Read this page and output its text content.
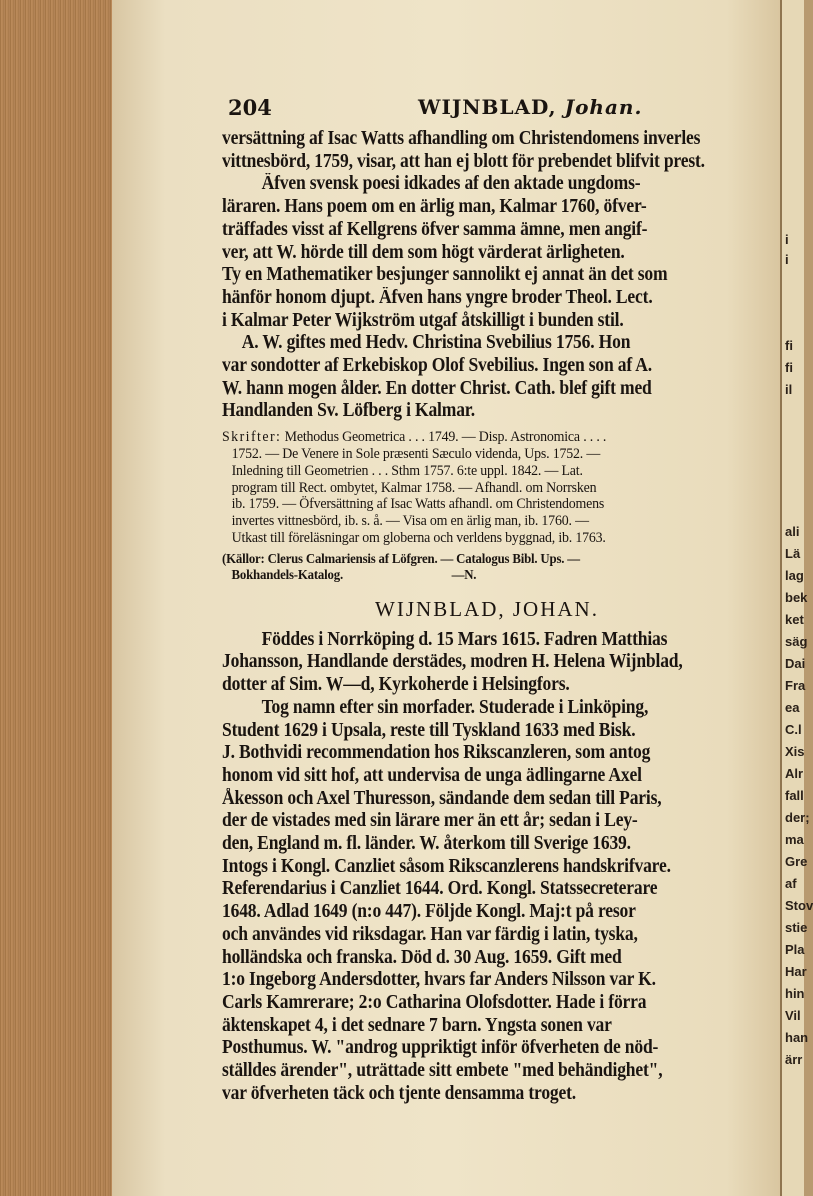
i
i
fi
fi
il
ali
Lä
lag
bek
ket
säg
Dai
Fra
ea
C.l
Xis
Alr
fall
der;
ma
Gre
af
Stov
stie
Pla
Har
hin
Vil
han
ärr
204	WIJNBLAD, Johan.
versättning af Isac Watts afhandling om Christendomens inverles
vittnesbörd, 1759, visar, att han ej blott för prebendet blifvit prest.
Äfven svensk poesi idkades af den aktade ungdoms-
läraren. Hans poem om en ärlig man, Kalmar 1760, öfver-
träffades visst af Kellgrens öfver samma ämne, men angif-
ver, att W. hörde till dem som högt värderat ärligheten.
Ty en Mathematiker besjunger sannolikt ej annat än det som
hänför honom djupt. Äfven hans yngre broder Theol. Lect.
i Kalmar Peter Wijkström utgaf åtskilligt i bunden stil.
A. W. giftes med Hedv. Christina Svebilius 1756. Hon
var sondotter af Erkebiskop Olof Svebilius. Ingen son af A.
W. hann mogen ålder. En dotter Christ. Cath. blef gift med
Handlanden Sv. Löfberg i Kalmar.
Skrifter: Methodus Geometrica . . . 1749. — Disp. Astronomica . . . .
1752. — De Venere in Sole præsenti Sæculo videnda, Ups. 1752. —
Inledning till Geometrien . . . Sthm 1757. 6:te uppl. 1842. — Lat.
program till Rect. ombytet, Kalmar 1758. — Afhandl. om Norrsken
ib. 1759. — Öfversättning af Isac Watts afhandl. om Christendomens
invertes vittnesbörd, ib. s. å. — Visa om en ärlig man, ib. 1760. —
Utkast till föreläsningar om globerna och verldens byggnad, ib. 1763.
(Källor: Clerus Calmariensis af Löfgren. — Catalogus Bibl. Ups. —
Bokhandels-Katalog.                                    —N.
WIJNBLAD, JOHAN.
Föddes i Norrköping d. 15 Mars 1615. Fadren Matthias
Johansson, Handlande derstädes, modren H. Helena Wijnblad,
dotter af Sim. W—d, Kyrkoherde i Helsingfors.
Tog namn efter sin morfader. Studerade i Linköping,
Student 1629 i Upsala, reste till Tyskland 1633 med Bisk.
J. Bothvidi recommendation hos Rikscanzleren, som antog
honom vid sitt hof, att undervisa de unga ädlingarne Axel
Åkesson och Axel Thuresson, sändande dem sedan till Paris,
der de vistades med sin lärare mer än ett år; sedan i Ley-
den, England m. fl. länder. W. återkom till Sverige 1639.
Intogs i Kongl. Canzliet såsom Rikscanzlerens handskrifvare.
Referendarius i Canzliet 1644. Ord. Kongl. Statssecreterare
1648. Adlad 1649 (n:o 447). Följde Kongl. Maj:t på resor
och användes vid riksdagar. Han var färdig i latin, tyska,
holländska och franska. Död d. 30 Aug. 1659. Gift med
1:o Ingeborg Andersdotter, hvars far Anders Nilsson var K.
Carls Kamrerare; 2:o Catharina Olofsdotter. Hade i förra
äktenskapet 4, i det sednare 7 barn. Yngsta sonen var
Posthumus. W. "androg uppriktigt inför öfverheten de nöd-
ställdes ärender", uträttade sitt embete "med behändighet",
var öfverheten täck och tjente densamma troget.
